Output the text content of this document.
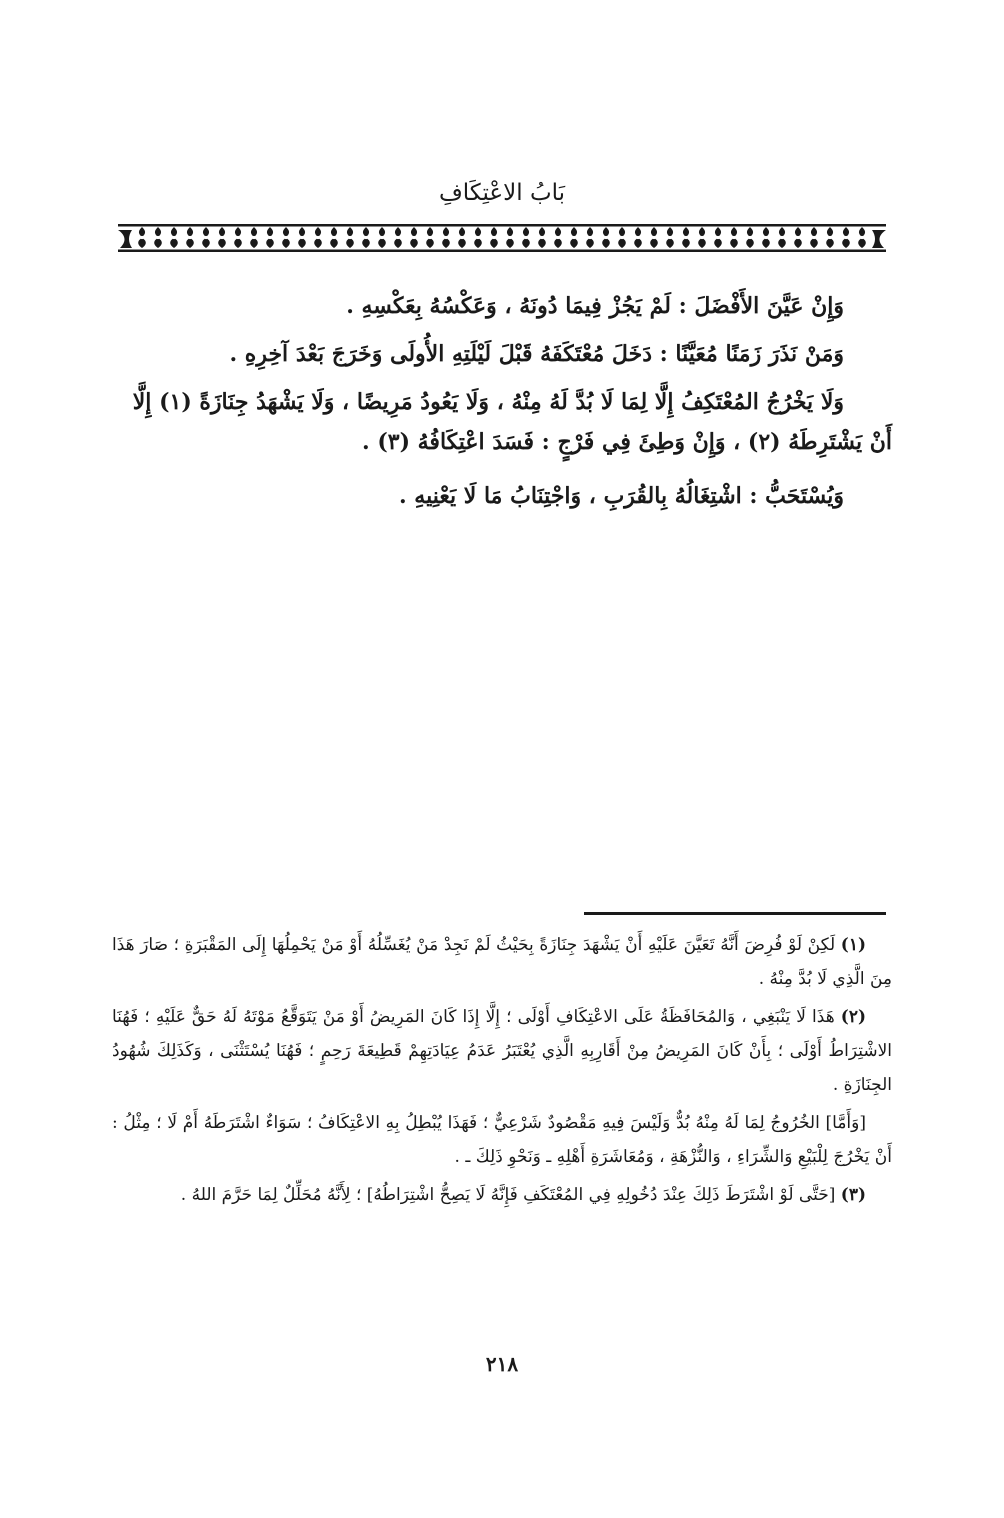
بَابُ الاعْتِكَافِ

وَإِنْ عَيَّنَ الأَفْضَلَ : لَمْ يَجُزْ فِيمَا دُونَهُ ، وَعَكْسُهُ بِعَكْسِهِ .

وَمَنْ نَذَرَ زَمَنًا مُعَيَّنًا : دَخَلَ مُعْتَكَفَهُ قَبْلَ لَيْلَتِهِ الأُولَى وَخَرَجَ بَعْدَ آخِرِهِ .

وَلَا يَخْرُجُ المُعْتَكِفُ إِلَّا لِمَا لَا بُدَّ لَهُ مِنْهُ ، وَلَا يَعُودُ مَرِيضًا ، وَلَا يَشْهَدُ جِنَازَةً (١) إِلَّا أَنْ يَشْتَرِطَهُ (٢) ، وَإِنْ وَطِئَ فِي فَرْجٍ : فَسَدَ اعْتِكَافُهُ (٣) .

وَيُسْتَحَبُّ : اشْتِغَالُهُ بِالقُرَبِ ، وَاجْتِنَابُ مَا لَا يَعْنِيهِ .

(١) لَكِنْ لَوْ فُرِضَ أَنَّهُ تَعَيَّنَ عَلَيْهِ أَنْ يَشْهَدَ جِنَازَةً بِحَيْثُ لَمْ نَجِدْ مَنْ يُغَسِّلُهُ أَوْ مَنْ يَحْمِلُهَا إِلَى المَقْبَرَةِ ؛ صَارَ هَذَا مِنَ الَّذِي لَا بُدَّ مِنْهُ .

(٢) هَذَا لَا يَنْبَغِي ، وَالمُحَافَظَةُ عَلَى الاعْتِكَافِ أَوْلَى ؛ إِلَّا إِذَا كَانَ المَرِيضُ أَوْ مَنْ يَتَوَقَّعُ مَوْتَهُ لَهُ حَقٌّ عَلَيْهِ ؛ فَهُنَا الاشْتِرَاطُ أَوْلَى ؛ بِأَنْ كَانَ المَرِيضُ مِنْ أَقَارِبِهِ الَّذِي يُعْتَبَرُ عَدَمُ عِيَادَتِهِمْ قَطِيعَةَ رَحِمٍ ؛ فَهُنَا يُسْتَثْنَى ، وَكَذَلِكَ شُهُودُ الجِنَازَةِ .

[وَأَمَّا] الخُرُوجُ لِمَا لَهُ مِنْهُ بُدٌّ وَلَيْسَ فِيهِ مَقْصُودٌ شَرْعِيٌّ ؛ فَهَذَا يُبْطِلُ بِهِ الاعْتِكَافُ ؛ سَوَاءٌ اشْتَرَطَهُ أَمْ لَا ؛ مِثْلُ : أَنْ يَخْرُجَ لِلْبَيْعِ وَالشِّرَاءِ ، وَالنُّزْهَةِ ، وَمُعَاشَرَةِ أَهْلِهِ ـ وَنَحْوِ ذَلِكَ ـ .

(٣) [حَتَّى لَوْ اشْتَرَطَ ذَلِكَ عِنْدَ دُخُولِهِ فِي المُعْتَكَفِ فَإِنَّهُ لَا يَصِحُّ اشْتِرَاطُهُ] ؛ لِأَنَّهُ مُحَلِّلٌ لِمَا حَرَّمَ اللهُ .

٢١٨
